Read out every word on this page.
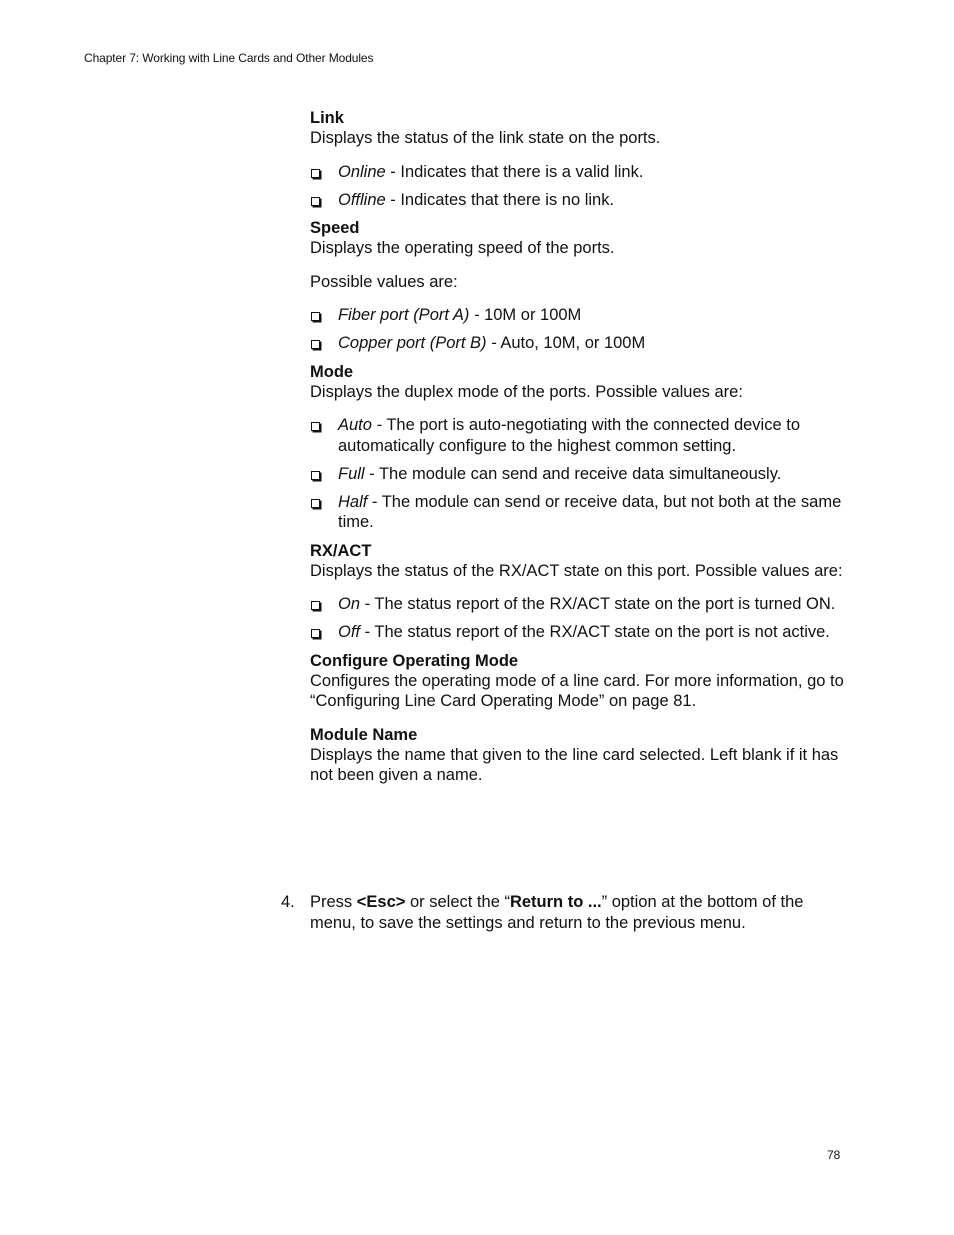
Chapter 7: Working with Line Cards and Other Modules
Link

Displays the status of the link state on the ports.

Online - Indicates that there is a valid link.
Offline - Indicates that there is no link.
Speed

Displays the operating speed of the ports.

Possible values are:

Fiber port (Port A) - 10M or 100M
Copper port (Port B) - Auto, 10M, or 100M
Mode

Displays the duplex mode of the ports. Possible values are:

Auto - The port is auto-negotiating with the connected device to automatically configure to the highest common setting.
Full - The module can send and receive data simultaneously.
Half - The module can send or receive data, but not both at the same time.
RX/ACT

Displays the status of the RX/ACT state on this port. Possible values are:

On - The status report of the RX/ACT state on the port is turned ON.
Off - The status report of the RX/ACT state on the port is not active.
Configure Operating Mode

Configures the operating mode of a line card. For more information, go to “Configuring Line Card Operating Mode” on page 81.

Module Name

Displays the name that given to the line card selected. Left blank if it has not been given a name.

4. Press <Esc> or select the “Return to ...” option at the bottom of the menu, to save the settings and return to the previous menu.
78
